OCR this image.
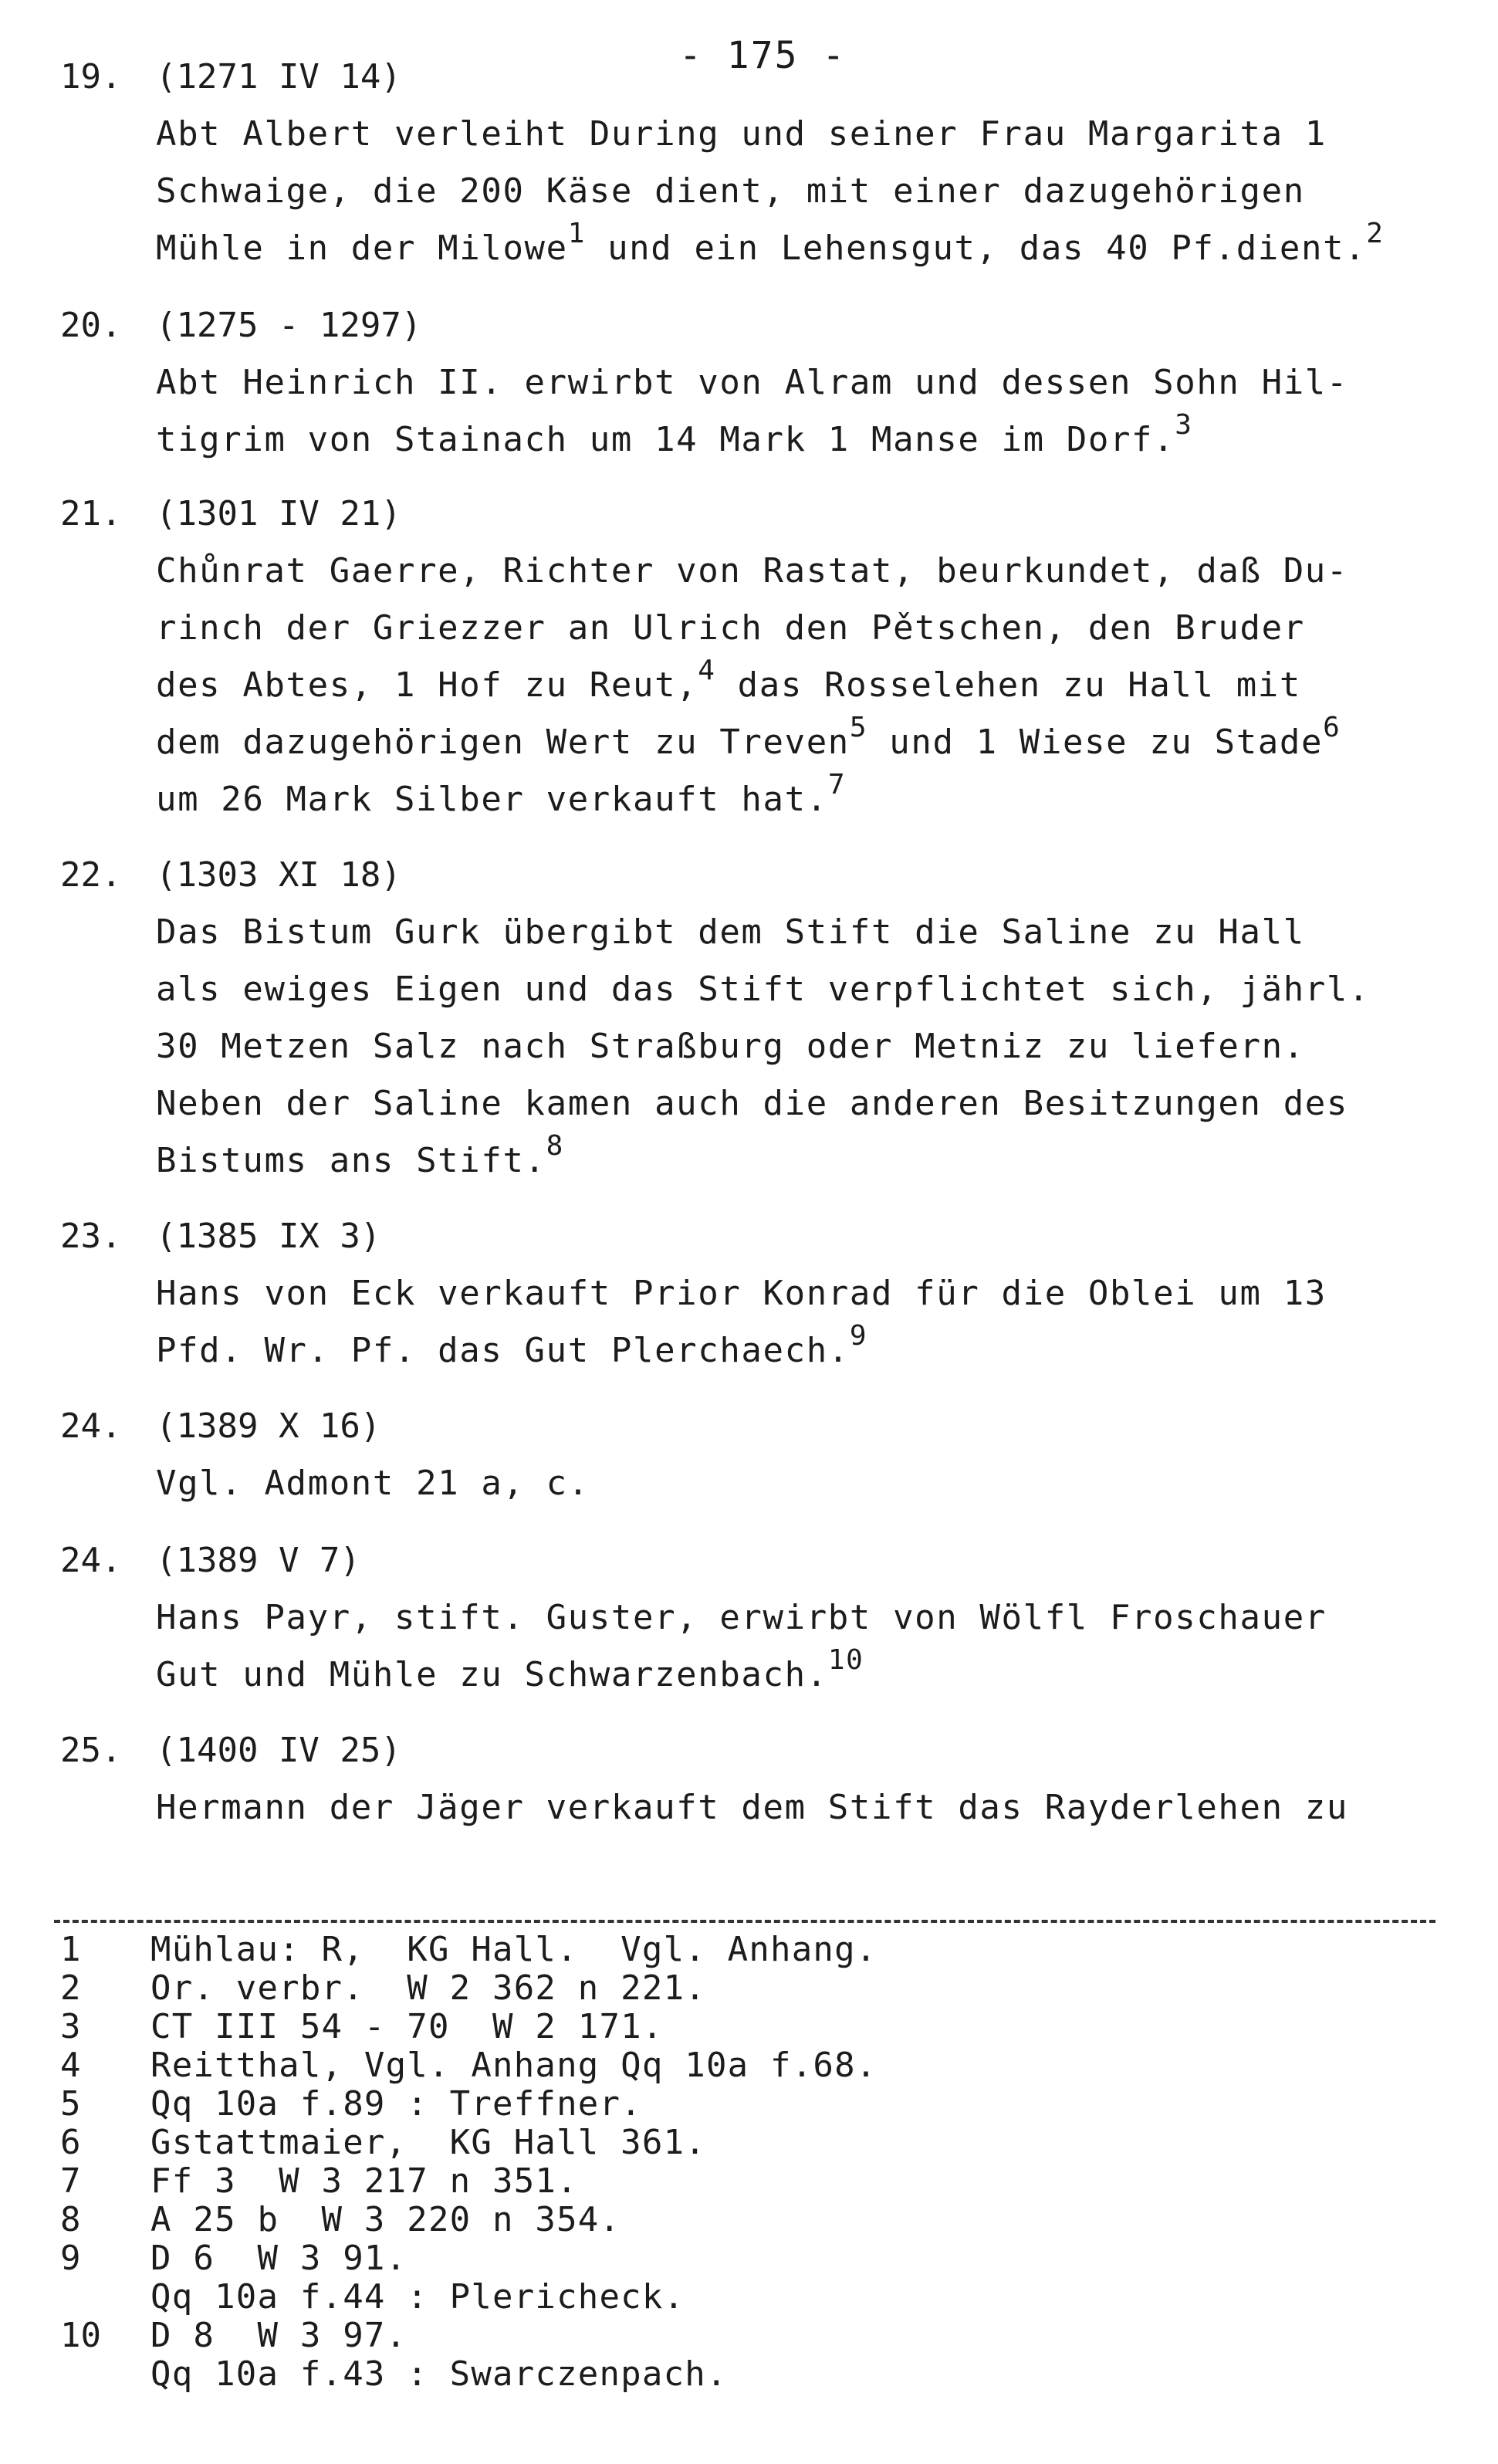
- 175 -
19. (1271 IV 14)
Abt Albert verleiht During und seiner Frau Margarita 1
Schwaige, die 200 Käse dient, mit einer dazugehörigen
Mühle in der Milowe$^1$ und ein Lehensgut, das 40 Pf.dient.$^2$
20. (1275 - 1297)
Abt Heinrich II. erwirbt von Alram und dessen Sohn Hil-
tigrim von Stainach um 14 Mark 1 Manse im Dorf.$^3$
21. (1301 IV 21)
Chůnrat Gaerre, Richter von Rastat, beurkundet, daß Du-
rinch der Griezzer an Ulrich den Pětschen, den Bruder
des Abtes, 1 Hof zu Reut,$^4$ das Rosselehen zu Hall mit
dem dazugehörigen Wert zu Treven$^5$ und 1 Wiese zu Stade$^6$
um 26 Mark Silber verkauft hat.$^7$
22. (1303 XI 18)
Das Bistum Gurk übergibt dem Stift die Saline zu Hall
als ewiges Eigen und das Stift verpflichtet sich, jährl.
30 Metzen Salz nach Straßburg oder Metniz zu liefern.
Neben der Saline kamen auch die anderen Besitzungen des
Bistums ans Stift.$^8$
23. (1385 IX 3)
Hans von Eck verkauft Prior Konrad für die Oblei um 13
Pfd. Wr. Pf. das Gut Plerchaech.$^9$
24. (1389 X 16)
Vgl. Admont 21 a, c.
24. (1389 V 7)
Hans Payr, stift. Guster, erwirbt von Wölfl Froschauer
Gut und Mühle zu Schwarzenbach.$^{10}$
25. (1400 IV 25)
Hermann der Jäger verkauft dem Stift das Rayderlehen zu
1 Mühlau: R,  KG Hall.  Vgl. Anhang.
2 Or. verbr.  W 2 362 n 221.
3 CT III 54 - 70  W 2 171.
4 Reitthal, Vgl. Anhang Qq 10a f.68.
5 Qq 10a f.89 : Treffner.
6 Gstattmaier,  KG Hall 361.
7 Ff 3  W 3 217 n 351.
8 A 25 b  W 3 220 n 354.
9 D 6  W 3 91.
Qq 10a f.44 : Plericheck.
10 D 8  W 3 97.
Qq 10a f.43 : Swarczenpach.
